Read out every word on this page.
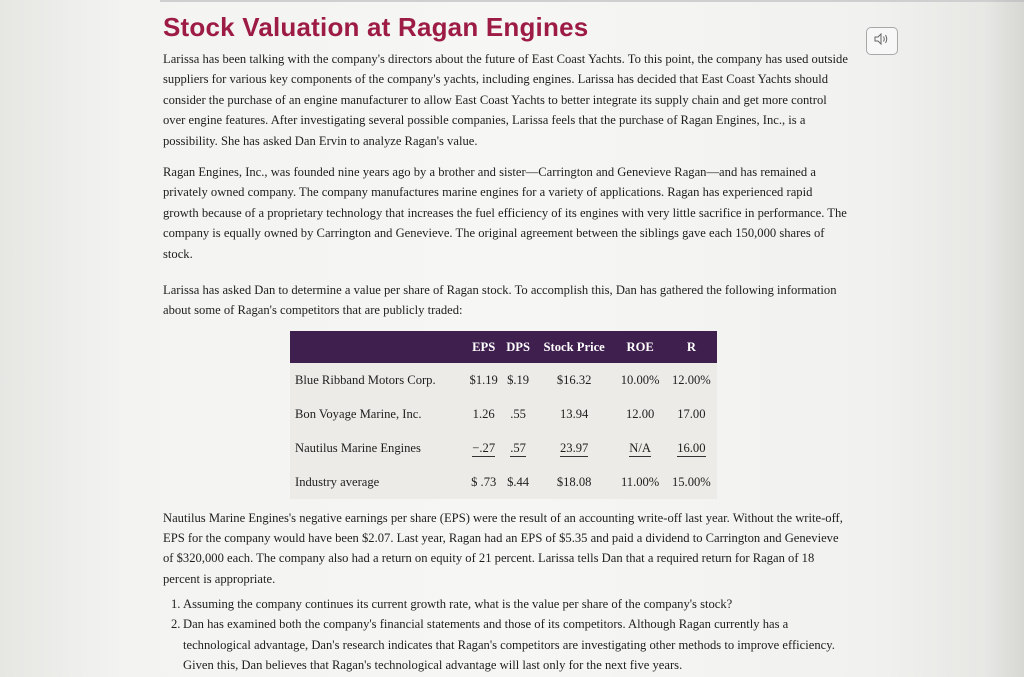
Stock Valuation at Ragan Engines
Larissa has been talking with the company's directors about the future of East Coast Yachts. To this point, the company has used outside suppliers for various key components of the company's yachts, including engines. Larissa has decided that East Coast Yachts should consider the purchase of an engine manufacturer to allow East Coast Yachts to better integrate its supply chain and get more control over engine features. After investigating several possible companies, Larissa feels that the purchase of Ragan Engines, Inc., is a possibility. She has asked Dan Ervin to analyze Ragan's value.
Ragan Engines, Inc., was founded nine years ago by a brother and sister—Carrington and Genevieve Ragan—and has remained a privately owned company. The company manufactures marine engines for a variety of applications. Ragan has experienced rapid growth because of a proprietary technology that increases the fuel efficiency of its engines with very little sacrifice in performance. The company is equally owned by Carrington and Genevieve. The original agreement between the siblings gave each 150,000 shares of stock.
Larissa has asked Dan to determine a value per share of Ragan stock. To accomplish this, Dan has gathered the following information about some of Ragan's competitors that are publicly traded:
	EPS	DPS	Stock Price	ROE	R
Blue Ribband Motors Corp.	$1.19	$.19	$16.32	10.00%	12.00%
Bon Voyage Marine, Inc.	1.26	.55	13.94	12.00	17.00
Nautilus Marine Engines	−.27	.57	23.97	N/A	16.00
Industry average	$ .73	$.44	$18.08	11.00%	15.00%
Nautilus Marine Engines's negative earnings per share (EPS) were the result of an accounting write-off last year. Without the write-off, EPS for the company would have been $2.07. Last year, Ragan had an EPS of $5.35 and paid a dividend to Carrington and Genevieve of $320,000 each. The company also had a return on equity of 21 percent. Larissa tells Dan that a required return for Ragan of 18 percent is appropriate.
1. Assuming the company continues its current growth rate, what is the value per share of the company's stock?
2. Dan has examined both the company's financial statements and those of its competitors. Although Ragan currently has a technological advantage, Dan's research indicates that Ragan's competitors are investigating other methods to improve efficiency. Given this, Dan believes that Ragan's technological advantage will last only for the next five years.
